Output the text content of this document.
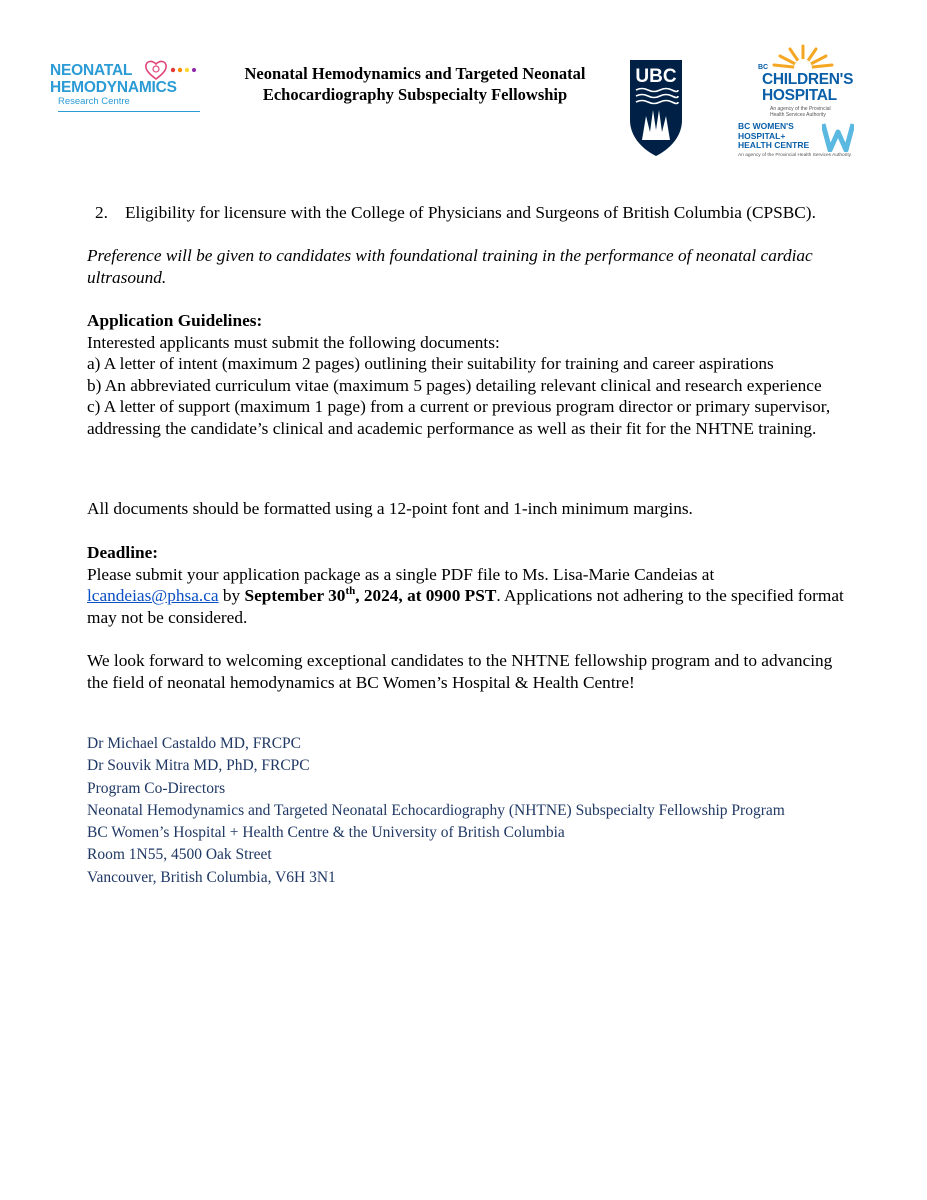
NEONATAL
HEMODYNAMICS
Research Centre
Neonatal Hemodynamics and Targeted Neonatal
Echocardiography Subspecialty Fellowship
UBC	BC
CHILDREN'S
HOSPITAL
An agency of the Provincial Health Services Authority
BC WOMEN'S
HOSPITAL+
HEALTH CENTRE
An agency of the Provincial Health Services Authority
2. Eligibility for licensure with the College of Physicians and Surgeons of British Columbia (CPSBC).
Preference will be given to candidates with foundational training in the performance of neonatal cardiac ultrasound.
Application Guidelines:
Interested applicants must submit the following documents:
a) A letter of intent (maximum 2 pages) outlining their suitability for training and career aspirations
b) An abbreviated curriculum vitae (maximum 5 pages) detailing relevant clinical and research experience
c) A letter of support (maximum 1 page) from a current or previous program director or primary supervisor, addressing the candidate’s clinical and academic performance as well as their fit for the NHTNE training.
All documents should be formatted using a 12-point font and 1-inch minimum margins.
Deadline:
Please submit your application package as a single PDF file to Ms. Lisa-Marie Candeias at
lcandeias@phsa.ca by September 30th, 2024, at 0900 PST. Applications not adhering to the specified format may not be considered.
We look forward to welcoming exceptional candidates to the NHTNE fellowship program and to advancing the field of neonatal hemodynamics at BC Women’s Hospital & Health Centre!
Dr Michael Castaldo MD, FRCPC
Dr Souvik Mitra MD, PhD, FRCPC
Program Co-Directors
Neonatal Hemodynamics and Targeted Neonatal Echocardiography (NHTNE) Subspecialty Fellowship Program
BC Women’s Hospital + Health Centre & the University of British Columbia
Room 1N55, 4500 Oak Street
Vancouver, British Columbia, V6H 3N1
